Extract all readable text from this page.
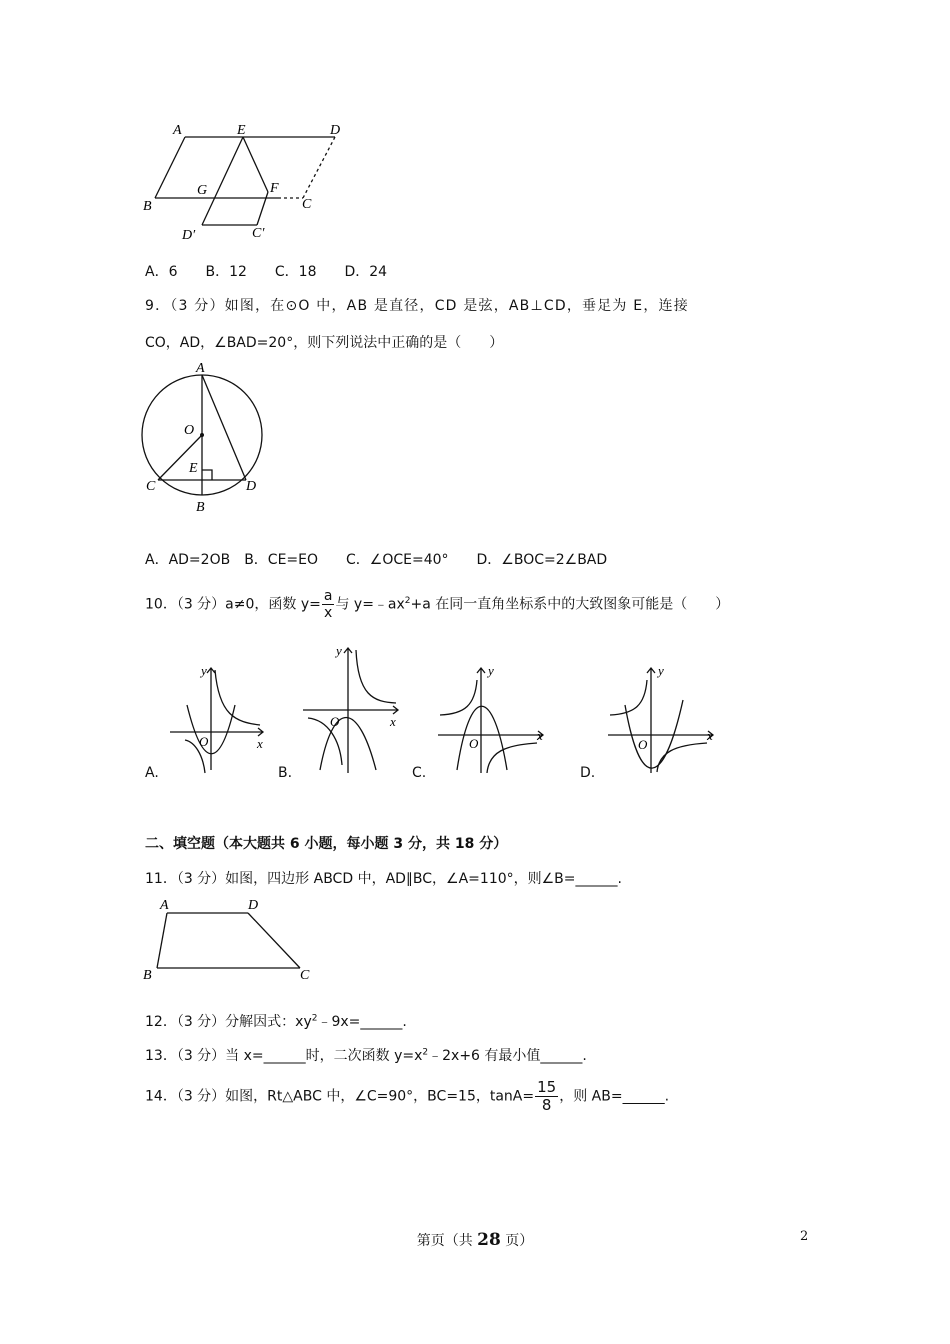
A	E	D
B
G	F
C
D′	C′
A．6　　B．12　　C．18　　D．24
9．（3 分）如图，在⊙O 中，AB 是直径，CD 是弦，AB⊥CD，垂足为 E，连接
CO，AD，∠BAD=20°，则下列说法中正确的是（　　）
A
O
E
C	D
B
A．AD=2OB　B．CE=EO　　C．∠OCE=40°　　D．∠BOC=2∠BAD
10．（3 分）a≠0，函数 $y= \frac{a}{x}$ 与 $y=﹣ax^2+a$ 在同一直角坐标系中的大致图象可能是（　　）
y
x
O
A.
y
x
O
B.
y
x
O
C.
y
x
O
D.
二、填空题（本大题共 6 小题，每小题 3 分，共 18 分）
11．（3 分）如图，四边形 ABCD 中，AD∥BC，∠A=110°，则∠B=______.
A	D
B	C
12．（3 分）分解因式：$xy^2﹣9x=\_\_\_\_\_\_$.
13．（3 分）当 x=______时，二次函数 $y=x^2﹣2x+6$ 有最小值______.
14．（3 分）如图，Rt△ABC 中，∠C=90°，BC=15，$\tan A= \frac{15}{8}$ ，则 AB=______.
第页（共 28 页）	2
